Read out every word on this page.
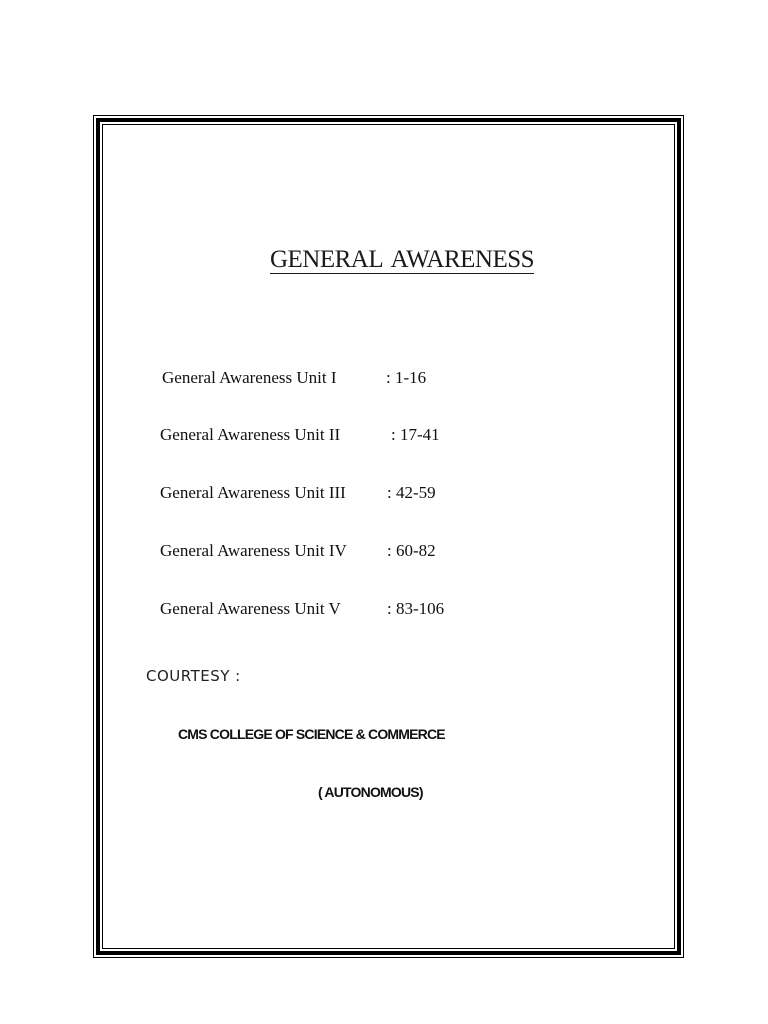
GENERAL AWARENESS
General Awareness Unit I	: 1-16
General Awareness Unit II	: 17-41
General Awareness Unit III : 42-59
General Awareness Unit IV : 60-82
General Awareness Unit V	: 83-106
COURTESY :
CMS COLLEGE OF SCIENCE & COMMERCE
( AUTONOMOUS)
